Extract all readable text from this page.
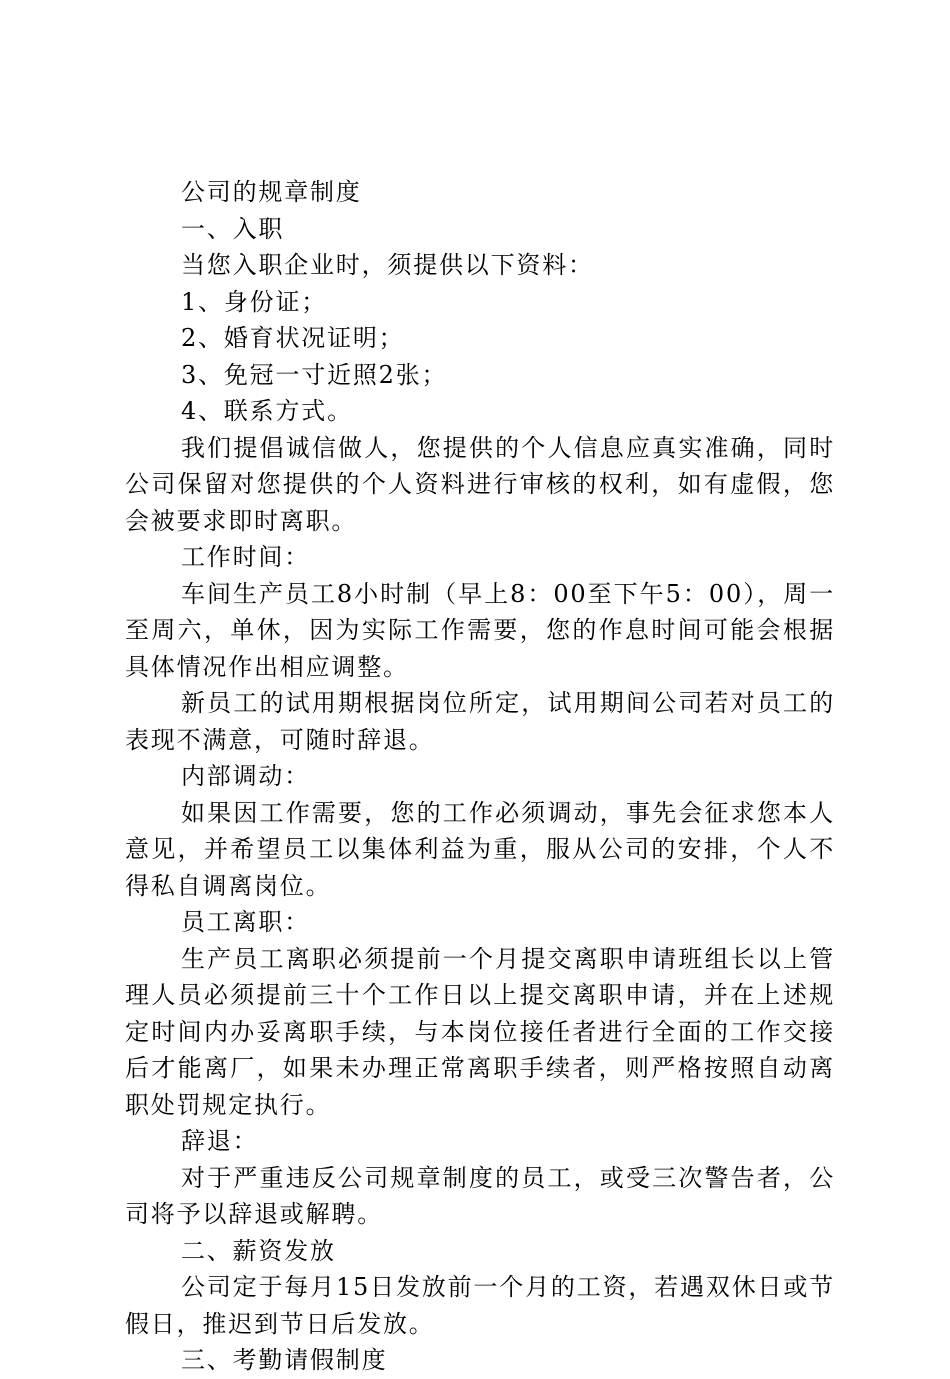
公司的规章制度

一、入职

当您入职企业时，须提供以下资料：

1、身份证；

2、婚育状况证明；

3、免冠一寸近照2张；

4、联系方式。

我们提倡诚信做人，您提供的个人信息应真实准确，同时公司保留对您提供的个人资料进行审核的权利，如有虚假，您会被要求即时离职。

工作时间：

车间生产员工8小时制（早上8：00至下午5：00），周一至周六，单休，因为实际工作需要，您的作息时间可能会根据具体情况作出相应调整。

新员工的试用期根据岗位所定，试用期间公司若对员工的表现不满意，可随时辞退。

内部调动：

如果因工作需要，您的工作必须调动，事先会征求您本人意见，并希望员工以集体利益为重，服从公司的安排，个人不得私自调离岗位。

员工离职：

生产员工离职必须提前一个月提交离职申请班组长以上管理人员必须提前三十个工作日以上提交离职申请，并在上述规定时间内办妥离职手续，与本岗位接任者进行全面的工作交接后才能离厂，如果未办理正常离职手续者，则严格按照自动离职处罚规定执行。

辞退：

对于严重违反公司规章制度的员工，或受三次警告者，公司将予以辞退或解聘。

二、薪资发放

公司定于每月15日发放前一个月的工资，若遇双休日或节假日，推迟到节日后发放。

三、考勤请假制度
